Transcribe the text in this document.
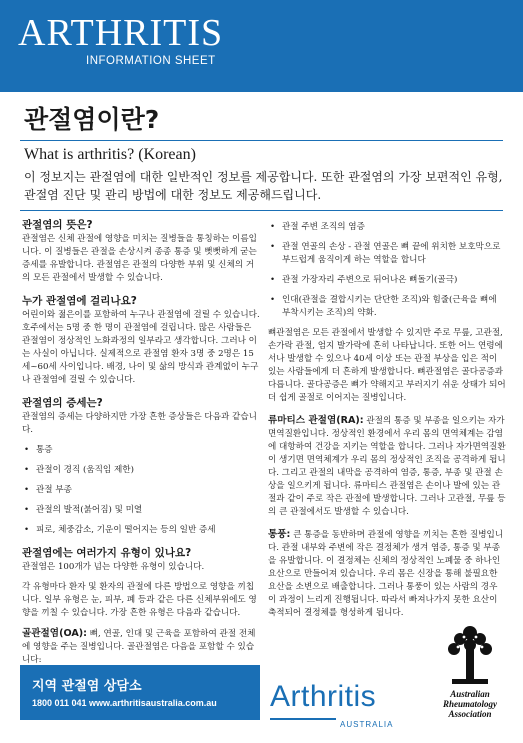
ARTHRITIS
INFORMATION SHEET
관절염이란?
What is arthritis? (Korean)
이 정보지는 관절염에 대한 일반적인 정보를 제공합니다. 또한 관절염의 가장 보편적인 유형, 관절염 진단 및 관리 방법에 대한 정보도 제공해드립니다.
관절염의 뜻은?

관절염은 신체 관절에 영향을 미치는 질병들을 통칭하는 이름입니다. 이 질병들은 관절을 손상시켜 종종 통증 및 뻣뻣하게 굳는 증세를 유발합니다. 관절염은 관절의 다양한 부위 및 신체의 거의 모든 관절에서 발생할 수 있습니다.

누가 관절염에 걸리나요?

어린이와 젊은이를 포함하여 누구나 관절염에 걸릴 수 있습니다. 호주에서는 5명 중 한 명이 관절염에 걸립니다. 많은 사람들은 관절염이 정상적인 노화과정의 일부라고 생각합니다. 그러나 이는 사실이 아닙니다. 실제적으로 관절염 환자 3명 중 2명은 15세~60세 사이입니다. 배경, 나이 및 삶의 방식과 관계없이 누구나 관절염에 걸릴 수 있습니다.

관절염의 증세는?

관절염의 증세는 다양하지만 가장 흔한 증상들은 다음과 같습니다.

• 통증
• 관절이 경직 (움직임 제한)
• 관절 부종
• 관절의 발적(붉어짐) 및 미열
• 피로, 체중감소, 기운이 떨어지는 등의 일반 증세
관절염에는 여러가지 유형이 있나요?

관절염은 100개가 넘는 다양한 유형이 있습니다.

각 유형마다 환자 및 환자의 관절에 다른 방법으로 영향을 끼칩니다. 일부 유형은 눈, 피부, 폐 등과 같은 다른 신체부위에도 영향을 끼칠 수 있습니다. 가장 흔한 유형은 다음과 같습니다.

골관절염(OA): 뼈, 연골, 인대 및 근육을 포함하여 관절 전체에 영향을 주는 질병입니다. 골관절염은 다음을 포함할 수 있습니다:

• 관절 주변 조직의 염증
• 관절 연골의 손상 - 관절 연골은 뼈 끝에 위치한 보호막으로 부드럽게 움직이게 하는 역할을 합니다
• 관절 가장자리 주변으로 뒤어나온 뼈돌기(골극)
• 인대(관절을 결합시키는 단단한 조직)와 힘줄(근육을 뼈에 부착시키는 조직)의 약화.

뼈관절염은 모든 관절에서 발생할 수 있지만 주로 무릎, 고관절, 손가락 관절, 엄지 발가락에 흔히 나타납니다. 또한 어느 연령에서나 발생할 수 있으나 40세 이상 또는 관절 부상을 입은 적이 있는 사람들에게 더 흔하게 발생합니다. 뼈관절염은 골다공증과 다릅니다. 골다공증은 뼈가 약해지고 부러지기 쉬운 상태가 되어 더 쉽게 골절로 이어지는 질병입니다.

류마티스 관절염(RA): 관절의 통증 및 부종을 일으키는 자가면역질환입니다. 정상적인 환경에서 우리 몸의 면역체계는 감염에 대항하여 건강을 지키는 역할을 합니다. 그러나 자가면역질환이 생기면 면역체계가 우리 몸의 정상적인 조직을 공격하게 됩니다. 그리고 관절의 내막을 공격하여 염증, 통증, 부종 및 관절 손상을 일으키게 됩니다. 류마티스 관절염은 손이나 발에 있는 관절과 같이 주로 작은 관절에 발생합니다. 그러나 고관절, 무릎 등의 큰 관절에서도 발생할 수 있습니다.

통풍: 큰 통증을 동반하며 관절에 영향을 끼치는 흔한 질병입니다. 관절 내부와 주변에 작은 결정체가 생겨 염증, 통증 및 부종을 유발합니다. 이 결정체는 신체의 정상적인 노폐물 중 하나인 요산으로 만들어져 있습니다. 우리 몸은 신장을 통해 불필요한 요산을 소변으로 배출합니다. 그러나 통풍이 있는 사람의 경우 이 과정이 느리게 진행됩니다. 따라서 빠져나가지 못한 요산이 축적되어 결정체를 형성하게 됩니다.

지역 관절염 상담소
1800 011 041 www.arthritisaustralia.com.au Arthritis
AUSTRALIA
Australian
Rheumatology
Association
